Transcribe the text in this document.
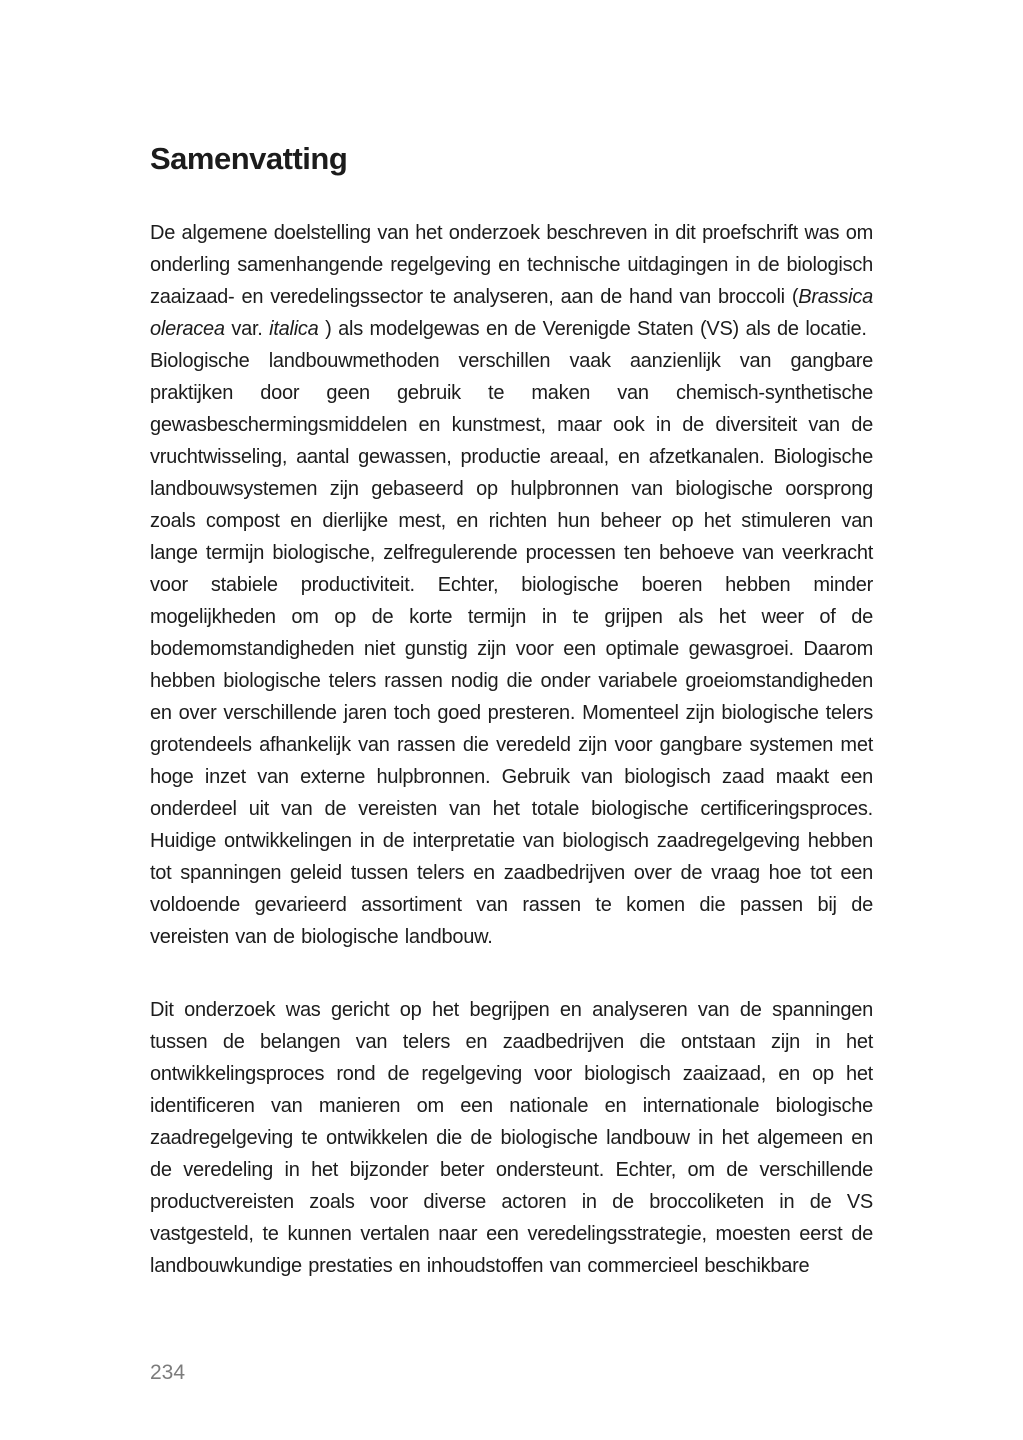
Samenvatting

De algemene doelstelling van het onderzoek beschreven in dit proefschrift was om onderling samenhangende regelgeving en technische uitdagingen in de biologisch zaaizaad- en veredelingssector te analyseren, aan de hand van broccoli (Brassica oleracea var. italica ) als modelgewas en de Verenigde Staten (VS) als de locatie.  Biologische landbouwmethoden verschillen vaak aanzienlijk van gangbare praktijken door geen gebruik te maken van chemisch-synthetische gewasbeschermingsmiddelen en kunstmest, maar ook in de diversiteit van de vruchtwisseling, aantal gewassen, productie areaal, en afzetkanalen. Biologische landbouwsystemen zijn gebaseerd op hulpbronnen van biologische oorsprong zoals compost en dierlijke mest, en richten hun beheer op het stimuleren van lange termijn biologische, zelfregulerende processen ten behoeve van veerkracht voor stabiele productiviteit. Echter, biologische boeren hebben minder mogelijkheden om op de korte termijn in te grijpen als het weer of de bodemomstandigheden niet gunstig zijn voor een optimale gewasgroei. Daarom hebben biologische telers rassen nodig die onder variabele groeiomstandigheden en over verschillende jaren toch goed presteren. Momenteel zijn biologische telers grotendeels afhankelijk van rassen die veredeld zijn voor gangbare systemen met hoge inzet van externe hulpbronnen. Gebruik van biologisch zaad maakt een onderdeel uit van de vereisten van het totale biologische certificeringsproces. Huidige ontwikkelingen in de interpretatie van biologisch zaadregelgeving hebben tot spanningen geleid tussen telers en zaadbedrijven over de vraag hoe tot een voldoende gevarieerd assortiment van rassen te komen die passen bij de vereisten van de biologische landbouw.

Dit onderzoek was gericht op het begrijpen en analyseren van de spanningen tussen de belangen van telers en zaadbedrijven die ontstaan zijn in het ontwikkelingsproces rond de regelgeving voor biologisch zaaizaad, en op het identificeren van manieren om een nationale en internationale biologische zaadregelgeving te ontwikkelen die de biologische landbouw in het algemeen en de veredeling in het bijzonder beter ondersteunt. Echter, om de verschillende productvereisten zoals voor diverse actoren in de broccoliketen in de VS vastgesteld, te kunnen vertalen naar een veredelingsstrategie, moesten eerst de landbouwkundige prestaties en inhoudstoffen van commercieel beschikbare

234
